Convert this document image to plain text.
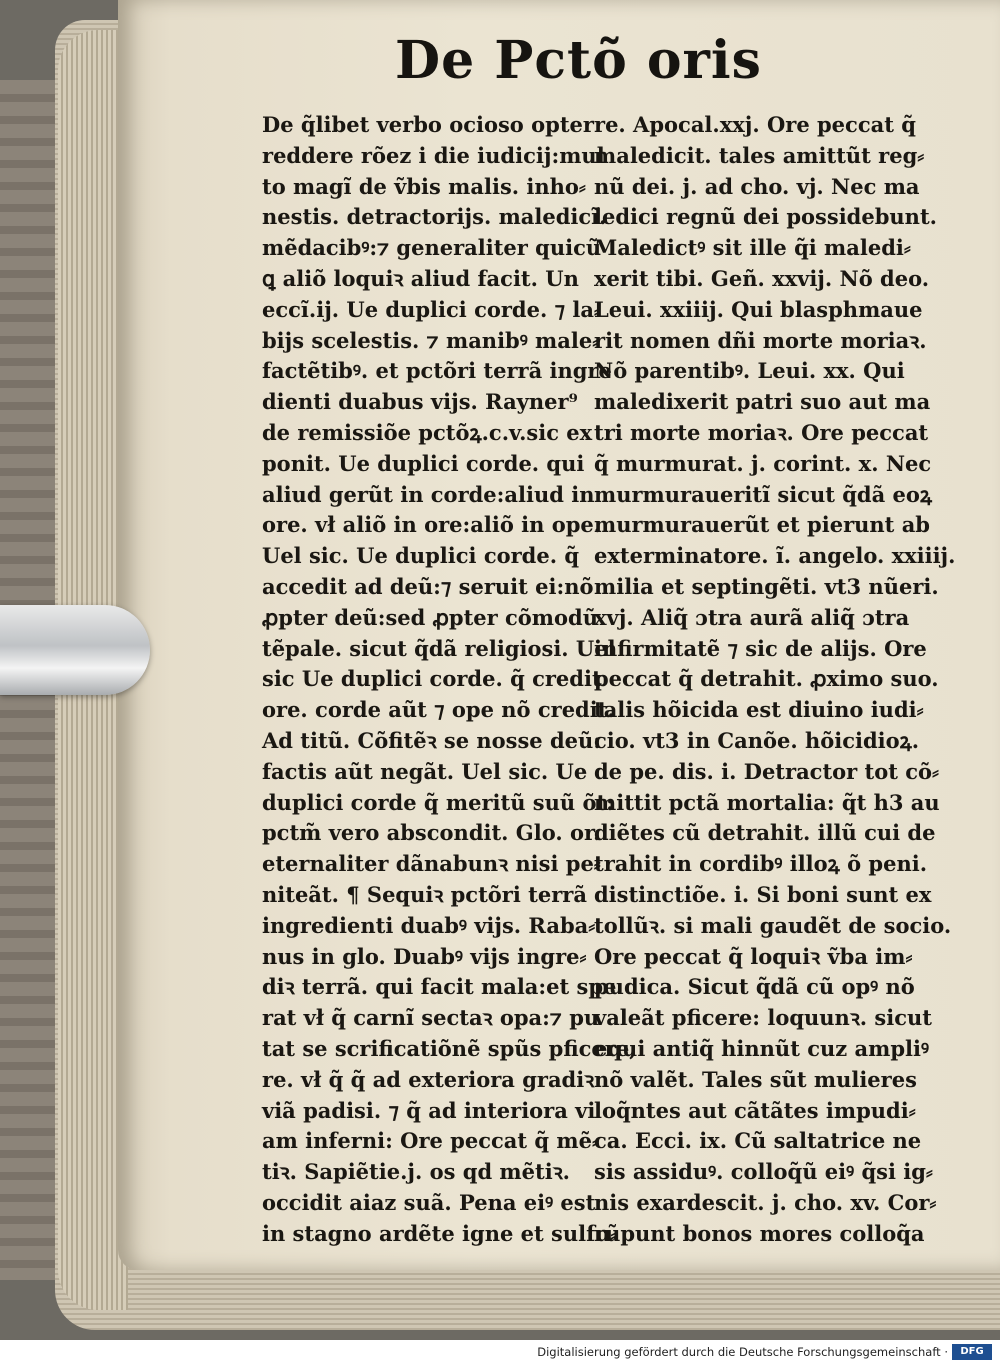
De Pctõ oris
De q̃libet verbo ocioso opter
reddere rõez i die iudicij:mul
to magĩ de ṽbis malis. inho⸗
nestis. detractorijs. maledicĩ.
mẽdacibꝰ:⁊ generaliter quicũ
ꝗ aliõ loquiꝛ aliud facit. Un
eccĩ.ij. Ue duplici corde. ⁊ la⸗
bijs scelestis. ⁊ manibꝰ male⸗
factẽtibꝰ. et pctõri terrã ingre
dienti duabus vijs. Rayner⁹
de remissiõe pctõꝝ.c.v.sic ex
ponit. Ue duplici corde. qui
aliud gerũt in corde:aliud in
ore. vł aliõ in ore:aliõ in ope.
Uel sic. Ue duplici corde. q̃
accedit ad deũ:⁊ seruit ei:nõ
ꝓpter deũ:sed ꝓpter cõmodũ
tẽpale. sicut q̃dã religiosi. Uel
sic Ue duplici corde. q̃ credit
ore. corde aũt ⁊ ope nõ credit.
Ad titũ. Cõfitẽꝛ se nosse deũ:
factis aũt negãt. Uel sic. Ue
duplici corde q̃ meritũ suũ õt:
pctm̃ vero abscondit. Glo. or.
eternaliter dãnabunꝛ nisi pe⸗
niteãt. ¶ Sequiꝛ pctõri terrã
ingredienti duabꝰ vijs. Raba⸗
nus in glo. Duabꝰ vijs ingre⸗
diꝛ terrã. qui facit mala:et spe
rat vł q̃ carnĩ sectaꝛ opa:⁊ pu
tat se scrificatiõnẽ spũs pficere,
re. vł q̃ q̃ ad exteriora gradiꝛ
viã padisi. ⁊ q̃ ad interiora vi
am inferni: Ore peccat q̃ mẽ⸗
tiꝛ. Sapiẽtie.j. os qd mẽtiꝛ.
occidit aiaz suã. Pena eiꝰ est
in stagno ardẽte igne et sulfu⸗
re. Apocal.xxj. Ore peccat q̃
maledicit. tales amittũt reg⸗
nũ dei. j. ad cho. vj. Nec ma
ledici regnũ dei possidebunt.
Maledictꝰ sit ille q̃i maledi⸗
xerit tibi. Geñ. xxvij. Nõ deo.
Leui. xxiiij. Qui blasphmaue
rit nomen dñi morte moriaꝛ.
Nõ parentibꝰ. Leui. xx. Qui
maledixerit patri suo aut ma
tri morte moriaꝛ. Ore peccat
q̃ murmurat. j. corint. x. Nec
murmuraueritĩ sicut q̃dã eoꝝ
murmurauerũt et pierunt ab
exterminatore. ĩ. angelo. xxiiij.
milia et septingẽti. vt3 nũeri.
xvj. Aliq̃ ɔtra aurã aliq̃ ɔtra
infirmitatẽ ⁊ sic de alijs. Ore
peccat q̃ detrahit. ꝓximo suo.
talis hõicida est diuino iudi⸗
cio. vt3 in Canõe. hõicidioꝝ.
de pe. dis. i. Detractor tot cõ⸗
mittit pctã mortalia: q̃t h3 au
diẽtes cũ detrahit. illũ cui de
trahit in cordibꝰ illoꝝ õ peni.
distinctiõe. i. Si boni sunt ex
tollũꝛ. si mali gaudẽt de socio.
Ore peccat q̃ loquiꝛ ṽba im⸗
pudica. Sicut q̃dã cũ opꝰ nõ
valeãt pficere: loquunꝛ. sicut
equi antiq̃ hinnũt cuz ampliꝰ
nõ valẽt. Tales sũt mulieres
loq̃ntes aut cãtãtes impudi⸗
ca. Ecci. ix. Cũ saltatrice ne
sis assiduꝰ. colloq̃ũ eiꝰ q̃si ig⸗
nis exardescit. j. cho. xv. Cor⸗
rũpunt bonos mores colloq̃a
Digitalisierung gefördert durch die Deutsche Forschungsgemeinschaft ·	DFG
